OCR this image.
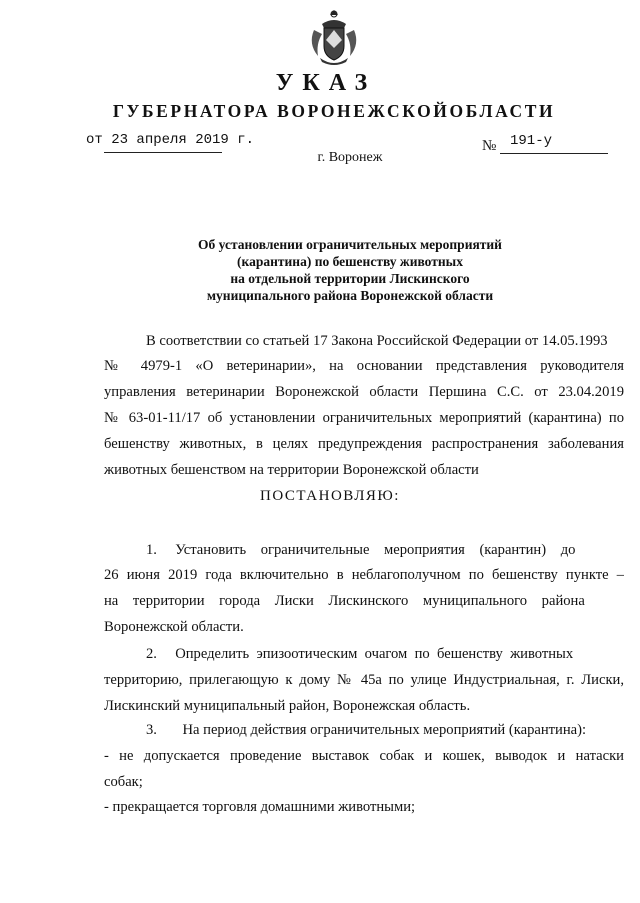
УКАЗ
ГУБЕРНАТОРА ВОРОНЕЖСКОЙОБЛАСТИ
от 23 апреля 2019 г.	№ 191-у
г. Воронеж
Об установлении ограничительных мероприятий
(карантина) по бешенству животных
на отдельной территории Лискинского
муниципального района Воронежской области
В соответствии со статьей 17 Закона Российской Федерации от 14.05.1993
№ 4979-1 «О ветеринарии», на основании представления руководителя
управления ветеринарии Воронежской области Першина С.С. от 23.04.2019
№ 63-01-11/17 об установлении ограничительных мероприятий (карантина) по
бешенству животных, в целях предупреждения распространения заболевания
животных бешенством на территории Воронежской области
ПОСТАНОВЛЯЮ:
1.     Установить    ограничительные    мероприятия    (карантин)    до
26 июня 2019 года включительно в неблагополучном по бешенству пункте –
на    территории    города    Лиски    Лискинского    муниципального    района
Воронежской области.
2.     Определить  эпизоотическим  очагом  по  бешенству  животных
территорию, прилегающую к дому № 45а по улице Индустриальная, г. Лиски,
Лискинский муниципальный район, Воронежская область.
3.       На период действия ограничительных мероприятий (карантина):
- не допускается проведение выставок собак и кошек, выводок и натаски
собак;
- прекращается торговля домашними животными;
